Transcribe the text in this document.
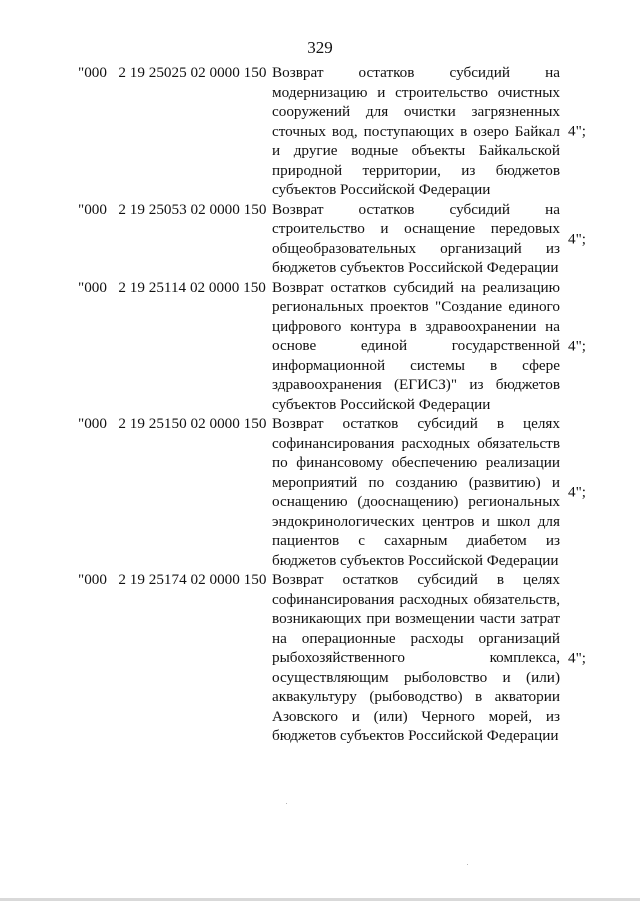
329
"000   2 19 25025 02 0000 150 Возврат остатков субсидий на модернизацию и строительство очистных сооружений для очистки загрязненных сточных вод, поступающих в озеро Байкал и другие водные объекты Байкальской природной территории, из бюджетов субъектов Российской Федерации
4";
"000   2 19 25053 02 0000 150 Возврат остатков субсидий на строительство и оснащение передовых общеобразовательных организаций из бюджетов субъектов Российской Федерации
4";
"000   2 19 25114 02 0000 150 Возврат остатков субсидий на реализацию региональных проектов "Создание единого цифрового контура в здравоохранении на основе единой государственной информационной системы в сфере здравоохранения (ЕГИСЗ)" из бюджетов субъектов Российской Федерации
4";
"000   2 19 25150 02 0000 150 Возврат остатков субсидий в целях софинансирования расходных обязательств по финансовому обеспечению реализации мероприятий по созданию (развитию) и оснащению (дооснащению) региональных эндокринологических центров и школ для пациентов с сахарным диабетом из бюджетов субъектов Российской Федерации
4";
"000   2 19 25174 02 0000 150 Возврат остатков субсидий в целях софинансирования расходных обязательств, возникающих при возмещении части затрат на операционные расходы организаций рыбохозяйственного комплекса, осуществляющим рыболовство и (или) аквакультуру (рыбоводство) в акватории Азовского и (или) Черного морей, из бюджетов субъектов Российской Федерации
4";
